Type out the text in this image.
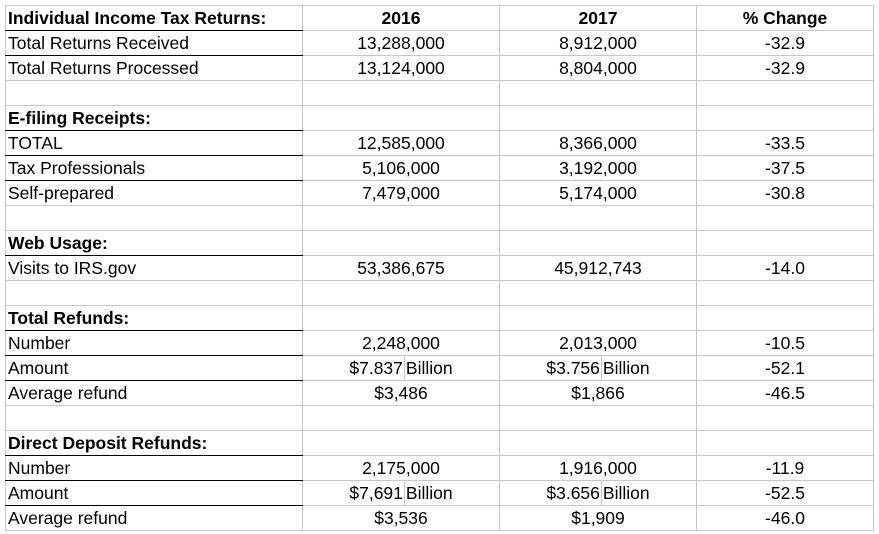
Individual Income Tax Returns:	2016	2017	% Change
Total Returns Received	13,288,000	8,912,000	-32.9
Total Returns Processed	13,124,000	8,804,000	-32.9

E-filing Receipts:			
TOTAL	12,585,000	8,366,000	-33.5
Tax Professionals	5,106,000	3,192,000	-37.5
Self-prepared	7,479,000	5,174,000	-30.8

Web Usage:			
Visits to IRS.gov	53,386,675	45,912,743	-14.0

Total Refunds:			
Number	2,248,000	2,013,000	-10.5
Amount	$7.837 Billion	$3.756 Billion	-52.1
Average refund	$3,486	$1,866	-46.5

Direct Deposit Refunds:			
Number	2,175,000	1,916,000	-11.9
Amount	$7,691 Billion	$3.656 Billion	-52.5
Average refund	$3,536	$1,909	-46.0
